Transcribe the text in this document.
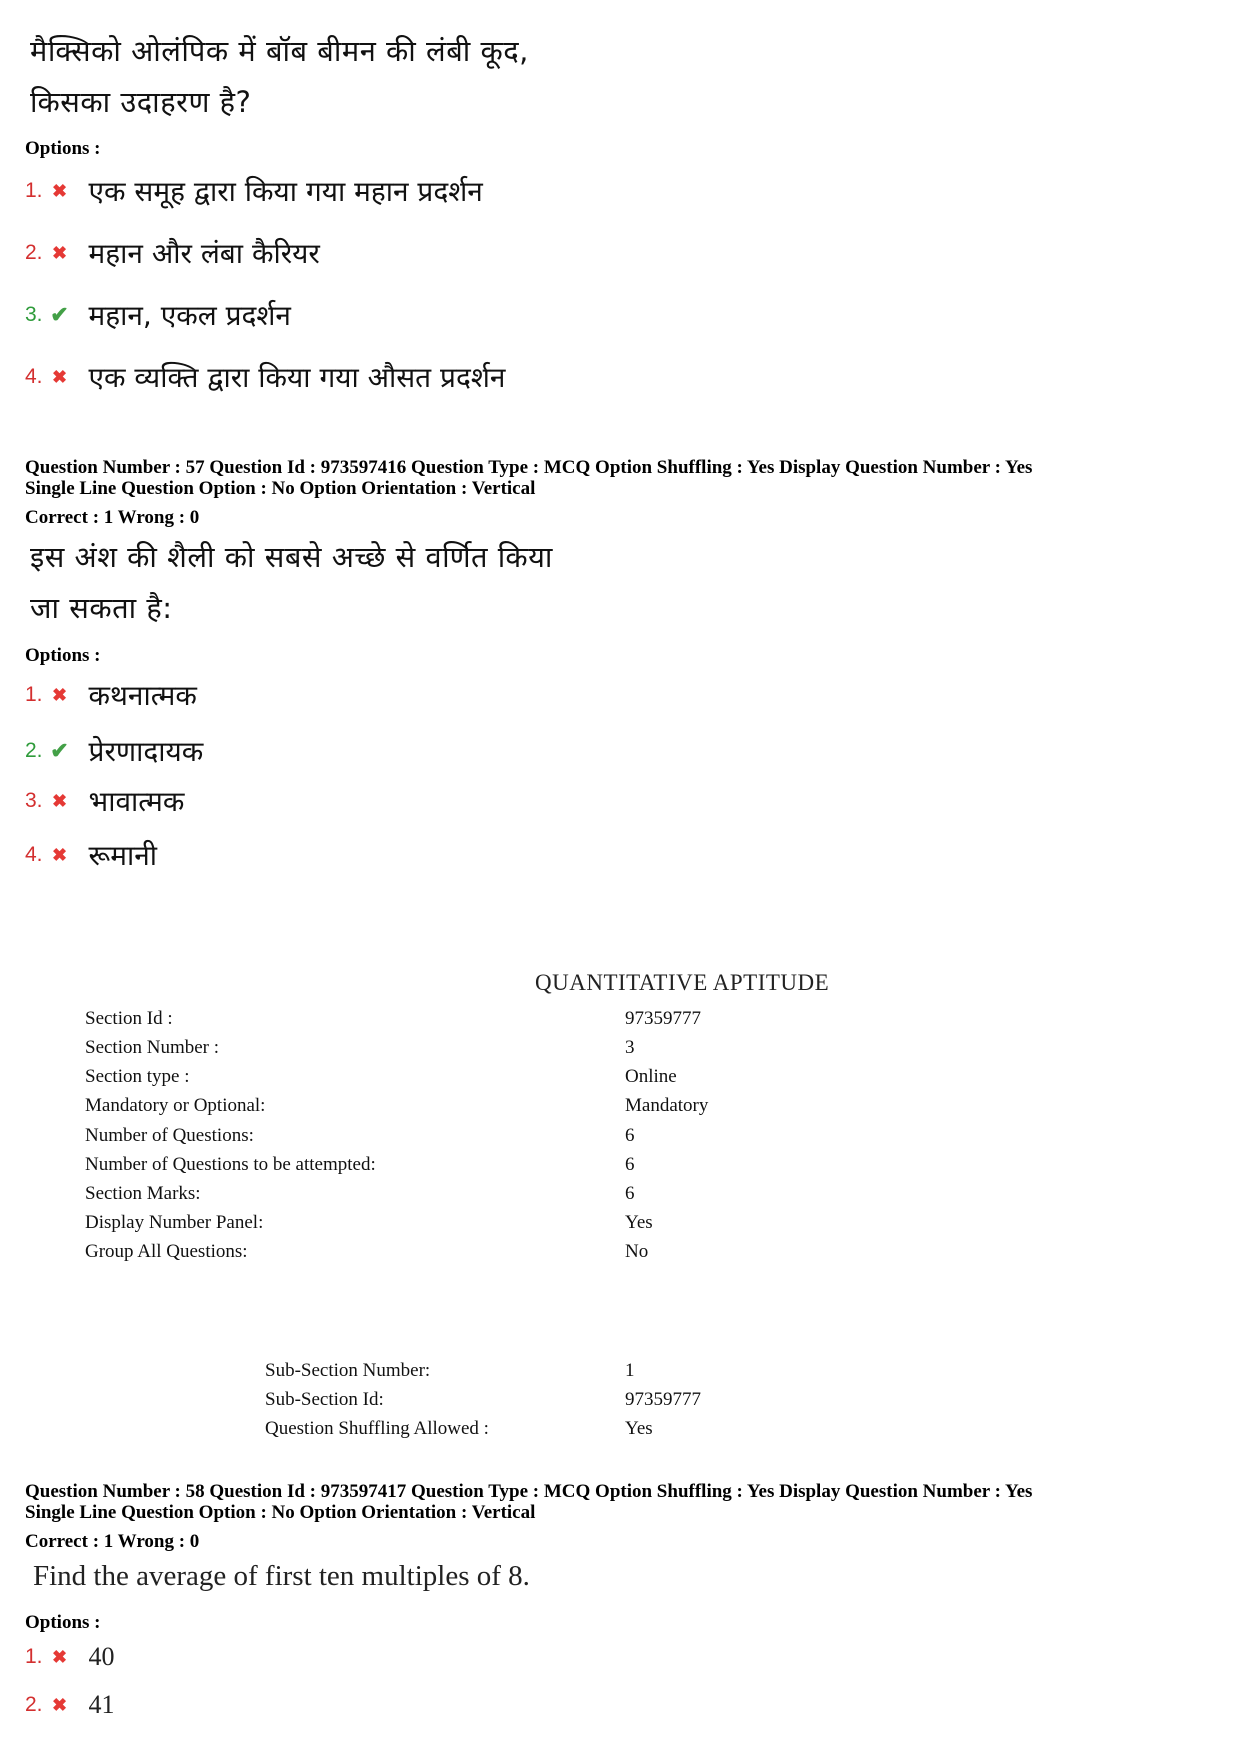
मैक्सिको ओलंपिक में बॉब बीमन की लंबी कूद,
किसका उदाहरण है?
Options :
1. ✖ एक समूह द्वारा किया गया महान प्रदर्शन
2. ✖ महान और लंबा कैरियर
3. ✔ महान, एकल प्रदर्शन
4. ✖ एक व्यक्ति द्वारा किया गया औसत प्रदर्शन
Question Number : 57 Question Id : 973597416 Question Type : MCQ Option Shuffling : Yes Display Question Number : Yes
Single Line Question Option : No Option Orientation : Vertical
Correct : 1 Wrong : 0
इस अंश की शैली को सबसे अच्छे से वर्णित किया
जा सकता है:
Options :
1. ✖ कथनात्मक
2. ✔ प्रेरणादायक
3. ✖ भावात्मक
4. ✖ रूमानी
QUANTITATIVE APTITUDE
Section Id :	97359777
Section Number :	3
Section type :	Online
Mandatory or Optional:	Mandatory
Number of Questions:	6
Number of Questions to be attempted:	6
Section Marks:	6
Display Number Panel:	Yes
Group All Questions:	No
Sub-Section Number:	1
Sub-Section Id:	97359777
Question Shuffling Allowed :	Yes
Question Number : 58 Question Id : 973597417 Question Type : MCQ Option Shuffling : Yes Display Question Number : Yes
Single Line Question Option : No Option Orientation : Vertical
Correct : 1 Wrong : 0
Find the average of first ten multiples of 8.
Options :
1. ✖ 40
2. ✖ 41
